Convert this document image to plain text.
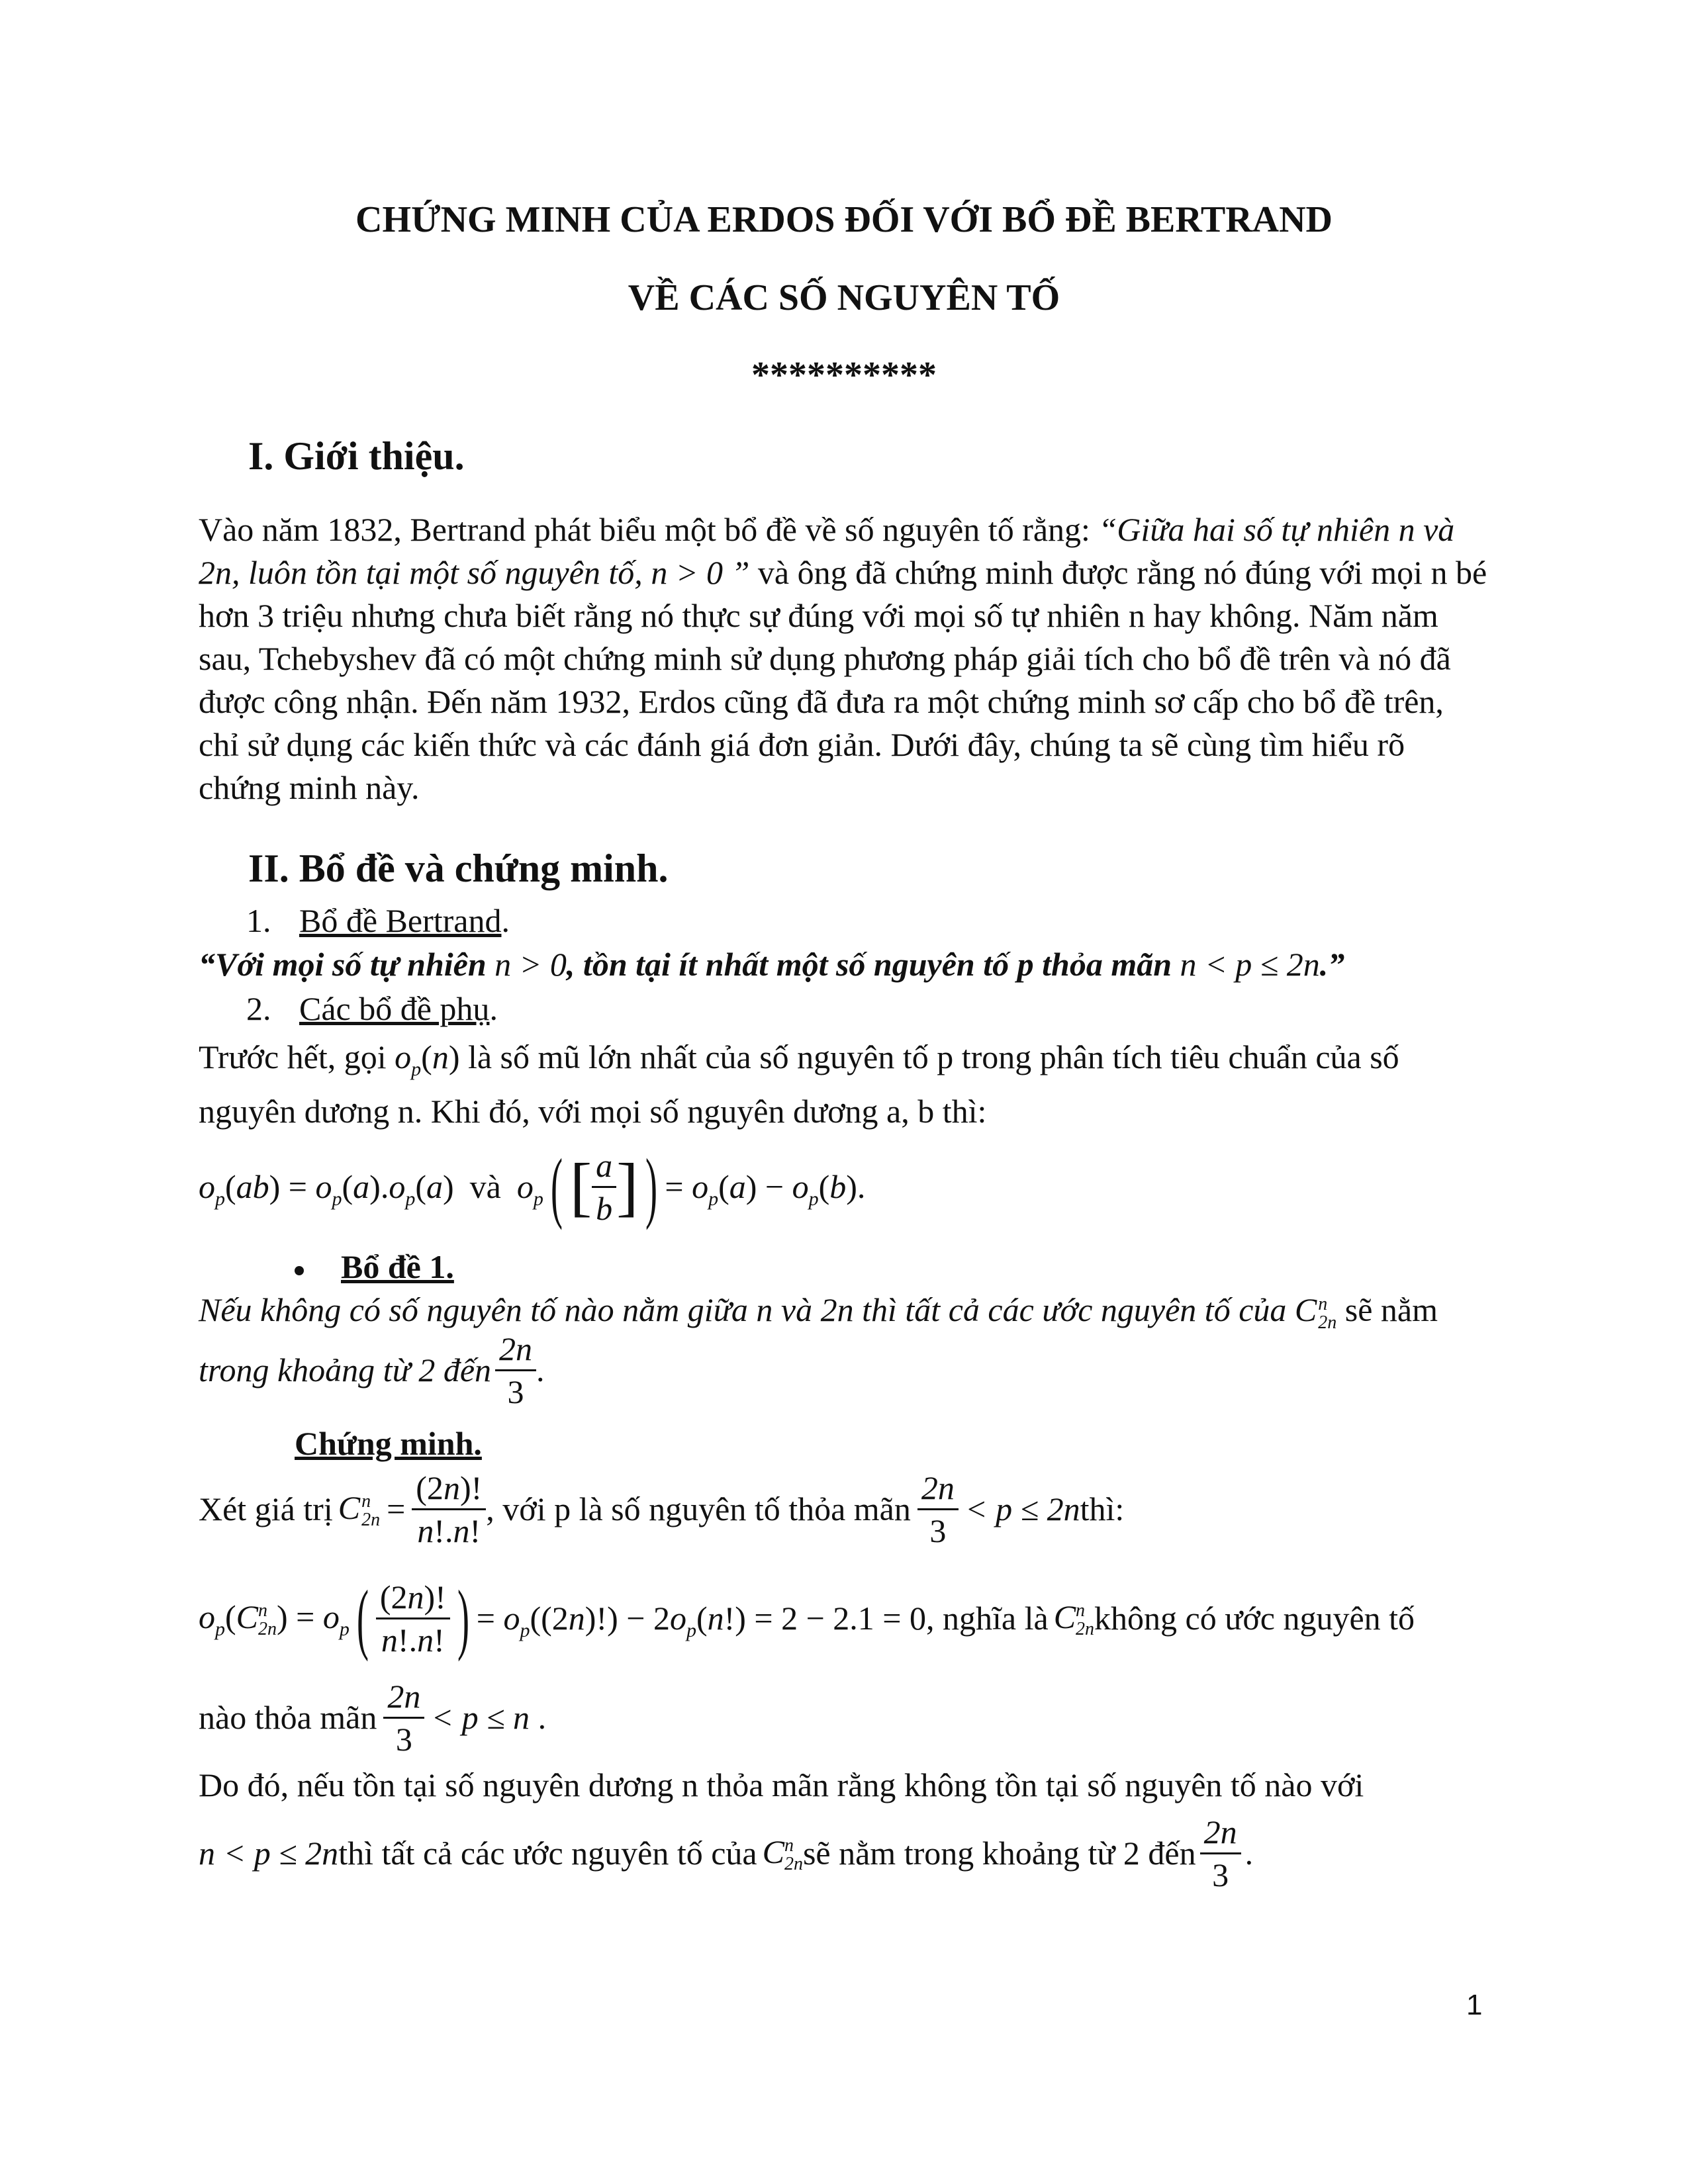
CHỨNG MINH CỦA ERDOS ĐỐI VỚI BỔ ĐỀ BERTRAND
VỀ CÁC SỐ NGUYÊN TỐ
**********
I. Giới thiệu.
Vào năm 1832, Bertrand phát biểu một bổ đề về số nguyên tố rằng: “Giữa hai số tự nhiên n và
2n, luôn tồn tại một số nguyên tố, n > 0 ” và ông đã chứng minh được rằng nó đúng với mọi n bé
hơn 3 triệu nhưng chưa biết rằng nó thực sự đúng với mọi số tự nhiên n hay không. Năm năm
sau, Tchebyshev đã có một chứng minh sử dụng phương pháp giải tích cho bổ đề trên và nó đã
được công nhận. Đến năm 1932, Erdos cũng đã đưa ra một chứng minh sơ cấp cho bổ đề trên,
chỉ sử dụng các kiến thức và các đánh giá đơn giản. Dưới đây, chúng ta sẽ cùng tìm hiểu rõ
chứng minh này.
II. Bổ đề và chứng minh.
1. Bổ đề Bertrand.
“Với mọi số tự nhiên n > 0, tồn tại ít nhất một số nguyên tố p thỏa mãn n < p ≤ 2n.”
2. Các bổ đề phụ.
Trước hết, gọi $o_p(n)$ là số mũ lớn nhất của số nguyên tố p trong phân tích tiêu chuẩn của số
nguyên dương n. Khi đó, với mọi số nguyên dương a, b thì:
$o_p(ab) = o_p(a).o_p(a)$ và $o_p$ ( [ $\frac{a}{b}$ ] ) = $o_p(a) - o_p(b)$.
Bổ đề 1.
Nếu không có số nguyên tố nào nằm giữa n và 2n thì tất cả các ước nguyên tố của C n
2n sẽ nằm
trong khoảng từ 2 đến $\frac{2n}{3}$ .
Chứng minh.
Xét giá trị C n
$2n = \frac{(2n)!}{n!.n!}$ , với p là số nguyên tố thỏa mãn $\frac{2n}{3} < p \le 2n$ thì:
$o_p(C$ n
2n ) = $o_p$ ( $\frac{(2n)!}{n!.n!}$ ) = $o_p((2n)!) - 2o_p(n!) = 2 - 2.1 = 0$ , nghĩa là C n
2n không có ước nguyên tố
nào thỏa mãn $\frac{2n}{3} < p \le n$ .
Do đó, nếu tồn tại số nguyên dương n thỏa mãn rằng không tồn tại số nguyên tố nào với
n < p ≤ 2n thì tất cả các ước nguyên tố của C n
2n sẽ nằm trong khoảng từ 2 đến $\frac{2n}{3}$ .
1
